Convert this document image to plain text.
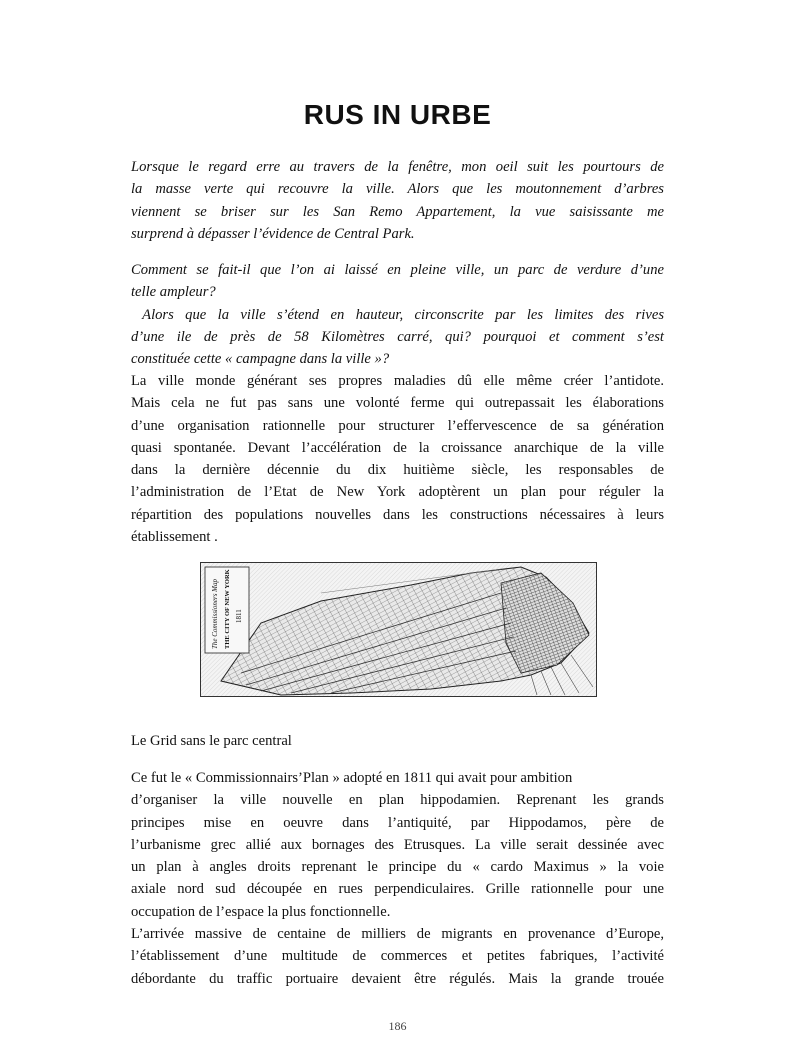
RUS IN URBE
Lorsque le regard erre au travers de la fenêtre, mon oeil suit les pourtours de
la masse verte qui recouvre la ville. Alors que les moutonnement d’arbres
viennent se briser sur les San Remo Appartement, la vue saisissante me
surprend à dépasser l’évidence de Central Park.
Comment se fait-il que l’on ai laissé en pleine ville, un parc de verdure d’une
telle ampleur?
Alors que la ville s’étend en hauteur, circonscrite par les limites des rives
d’une ile de près de 58 Kilomètres carré, qui? pourquoi et comment s’est
constituée cette « campagne dans la ville »?
La ville monde générant ses propres maladies dû elle même créer l’antidote.
Mais cela ne fut pas sans une volonté ferme qui outrepassait les élaborations
d’une organisation rationnelle pour structurer l’effervescence de sa génération
quasi spontanée. Devant l’accélération de la croissance anarchique de la ville
dans la dernière décennie du dix huitième siècle, les responsables de
l’administration de l’Etat de New York adoptèrent un plan pour réguler la
répartition des populations nouvelles dans les constructions nécessaires à leurs
établissement .
The Commissioners Map THE CITY OF NEW YORK 1811

Le Grid sans le parc central

Ce fut le « Commissionnairs’Plan » adopté en 1811 qui avait pour ambition
d’organiser la ville nouvelle en plan hippodamien. Reprenant les grands
principes mise en oeuvre dans l’antiquité, par Hippodamos, père de
l’urbanisme grec allié aux bornages des Etrusques. La ville serait dessinée avec
un plan à angles droits reprenant le principe du « cardo Maximus » la voie
axiale nord sud découpée en rues perpendiculaires. Grille rationnelle pour une
occupation de l’espace la plus fonctionnelle.
L’arrivée massive de centaine de milliers de migrants en provenance d’Europe,
l’établissement d’une multitude de commerces et petites fabriques, l’activité
débordante du traffic portuaire devaient être régulés. Mais la grande trouée

186
